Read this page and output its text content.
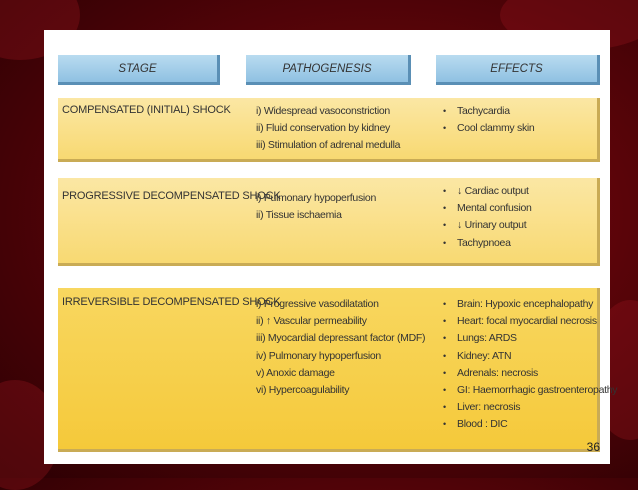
STAGE	PATHOGENESIS	EFFECTS
COMPENSATED (INITIAL) SHOCK i) Widespread vasoconstriction
ii) Fluid conservation by kidney
iii) Stimulation of adrenal medulla
• Tachycardia
• Cool clammy skin
PROGRESSIVE DECOMPENSATED SHOCK
i) Pulmonary hypoperfusion
ii) Tissue ischaemia
• ↓ Cardiac output
• Mental confusion
• ↓ Urinary output
• Tachypnoea
IRREVERSIBLE DECOMPENSATED SHOCK
i) Progressive vasodilatation
ii) ↑ Vascular permeability
iii) Myocardial depressant factor (MDF)
iv) Pulmonary hypoperfusion
v) Anoxic damage
vi) Hypercoagulability
• Brain: Hypoxic encephalopathy
• Heart: focal myocardial necrosis
• Lungs: ARDS
• Kidney: ATN
• Adrenals: necrosis
• GI: Haemorrhagic gastroenteropathy
• Liver: necrosis
• Blood : DIC
36
